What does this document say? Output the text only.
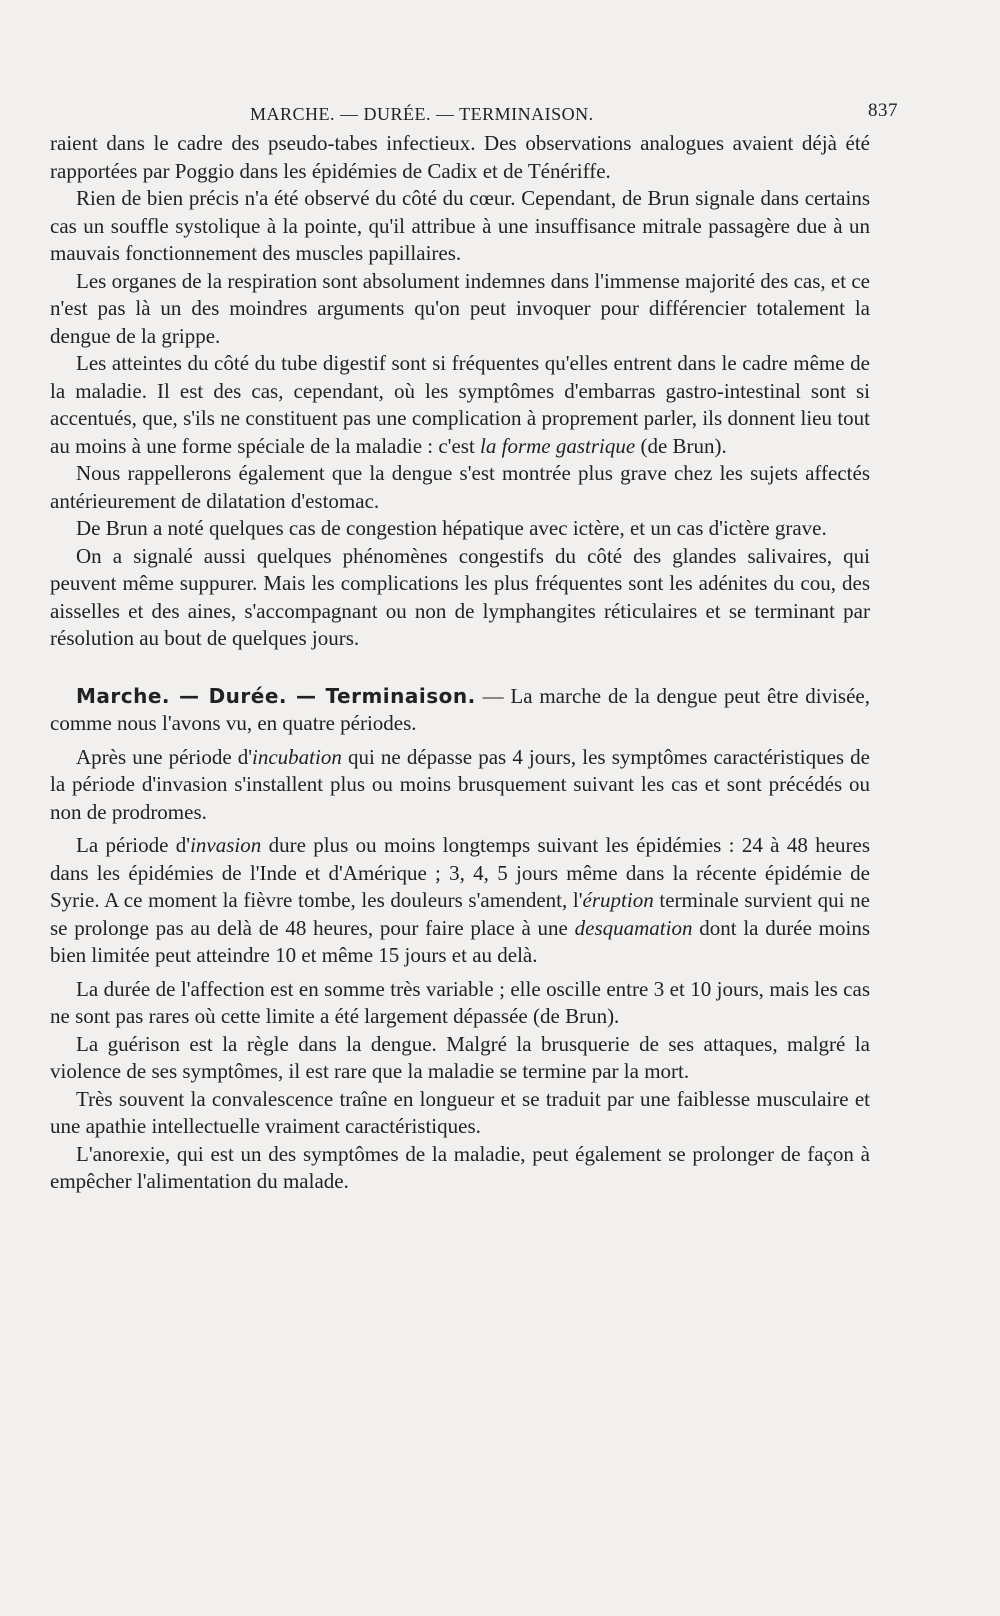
MARCHE. — DURÉE. — TERMINAISON.	837

raient dans le cadre des pseudo-tabes infectieux. Des observations analogues avaient déjà été rapportées par Poggio dans les épidémies de Cadix et de Ténériffe.

Rien de bien précis n'a été observé du côté du cœur. Cependant, de Brun signale dans certains cas un souffle systolique à la pointe, qu'il attribue à une insuffisance mitrale passagère due à un mauvais fonctionnement des muscles papillaires.

Les organes de la respiration sont absolument indemnes dans l'immense majorité des cas, et ce n'est pas là un des moindres arguments qu'on peut invoquer pour différencier totalement la dengue de la grippe.

Les atteintes du côté du tube digestif sont si fréquentes qu'elles entrent dans le cadre même de la maladie. Il est des cas, cependant, où les symptômes d'embarras gastro-intestinal sont si accentués, que, s'ils ne constituent pas une complication à proprement parler, ils donnent lieu tout au moins à une forme spéciale de la maladie : c'est la forme gastrique (de Brun).

Nous rappellerons également que la dengue s'est montrée plus grave chez les sujets affectés antérieurement de dilatation d'estomac.

De Brun a noté quelques cas de congestion hépatique avec ictère, et un cas d'ictère grave.

On a signalé aussi quelques phénomènes congestifs du côté des glandes salivaires, qui peuvent même suppurer. Mais les complications les plus fréquentes sont les adénites du cou, des aisselles et des aines, s'accompagnant ou non de lymphangites réticulaires et se terminant par résolution au bout de quelques jours.

Marche. — Durée. — Terminaison. — La marche de la dengue peut être divisée, comme nous l'avons vu, en quatre périodes.

Après une période d'incubation qui ne dépasse pas 4 jours, les symptômes caractéristiques de la période d'invasion s'installent plus ou moins brusquement suivant les cas et sont précédés ou non de prodromes.

La période d'invasion dure plus ou moins longtemps suivant les épidémies : 24 à 48 heures dans les épidémies de l'Inde et d'Amérique ; 3, 4, 5 jours même dans la récente épidémie de Syrie. A ce moment la fièvre tombe, les douleurs s'amendent, l'éruption terminale survient qui ne se prolonge pas au delà de 48 heures, pour faire place à une desquamation dont la durée moins bien limitée peut atteindre 10 et même 15 jours et au delà.

La durée de l'affection est en somme très variable ; elle oscille entre 3 et 10 jours, mais les cas ne sont pas rares où cette limite a été largement dépassée (de Brun).

La guérison est la règle dans la dengue. Malgré la brusquerie de ses attaques, malgré la violence de ses symptômes, il est rare que la maladie se termine par la mort.

Très souvent la convalescence traîne en longueur et se traduit par une faiblesse musculaire et une apathie intellectuelle vraiment caractéristiques.

L'anorexie, qui est un des symptômes de la maladie, peut également se prolonger de façon à empêcher l'alimentation du malade.
